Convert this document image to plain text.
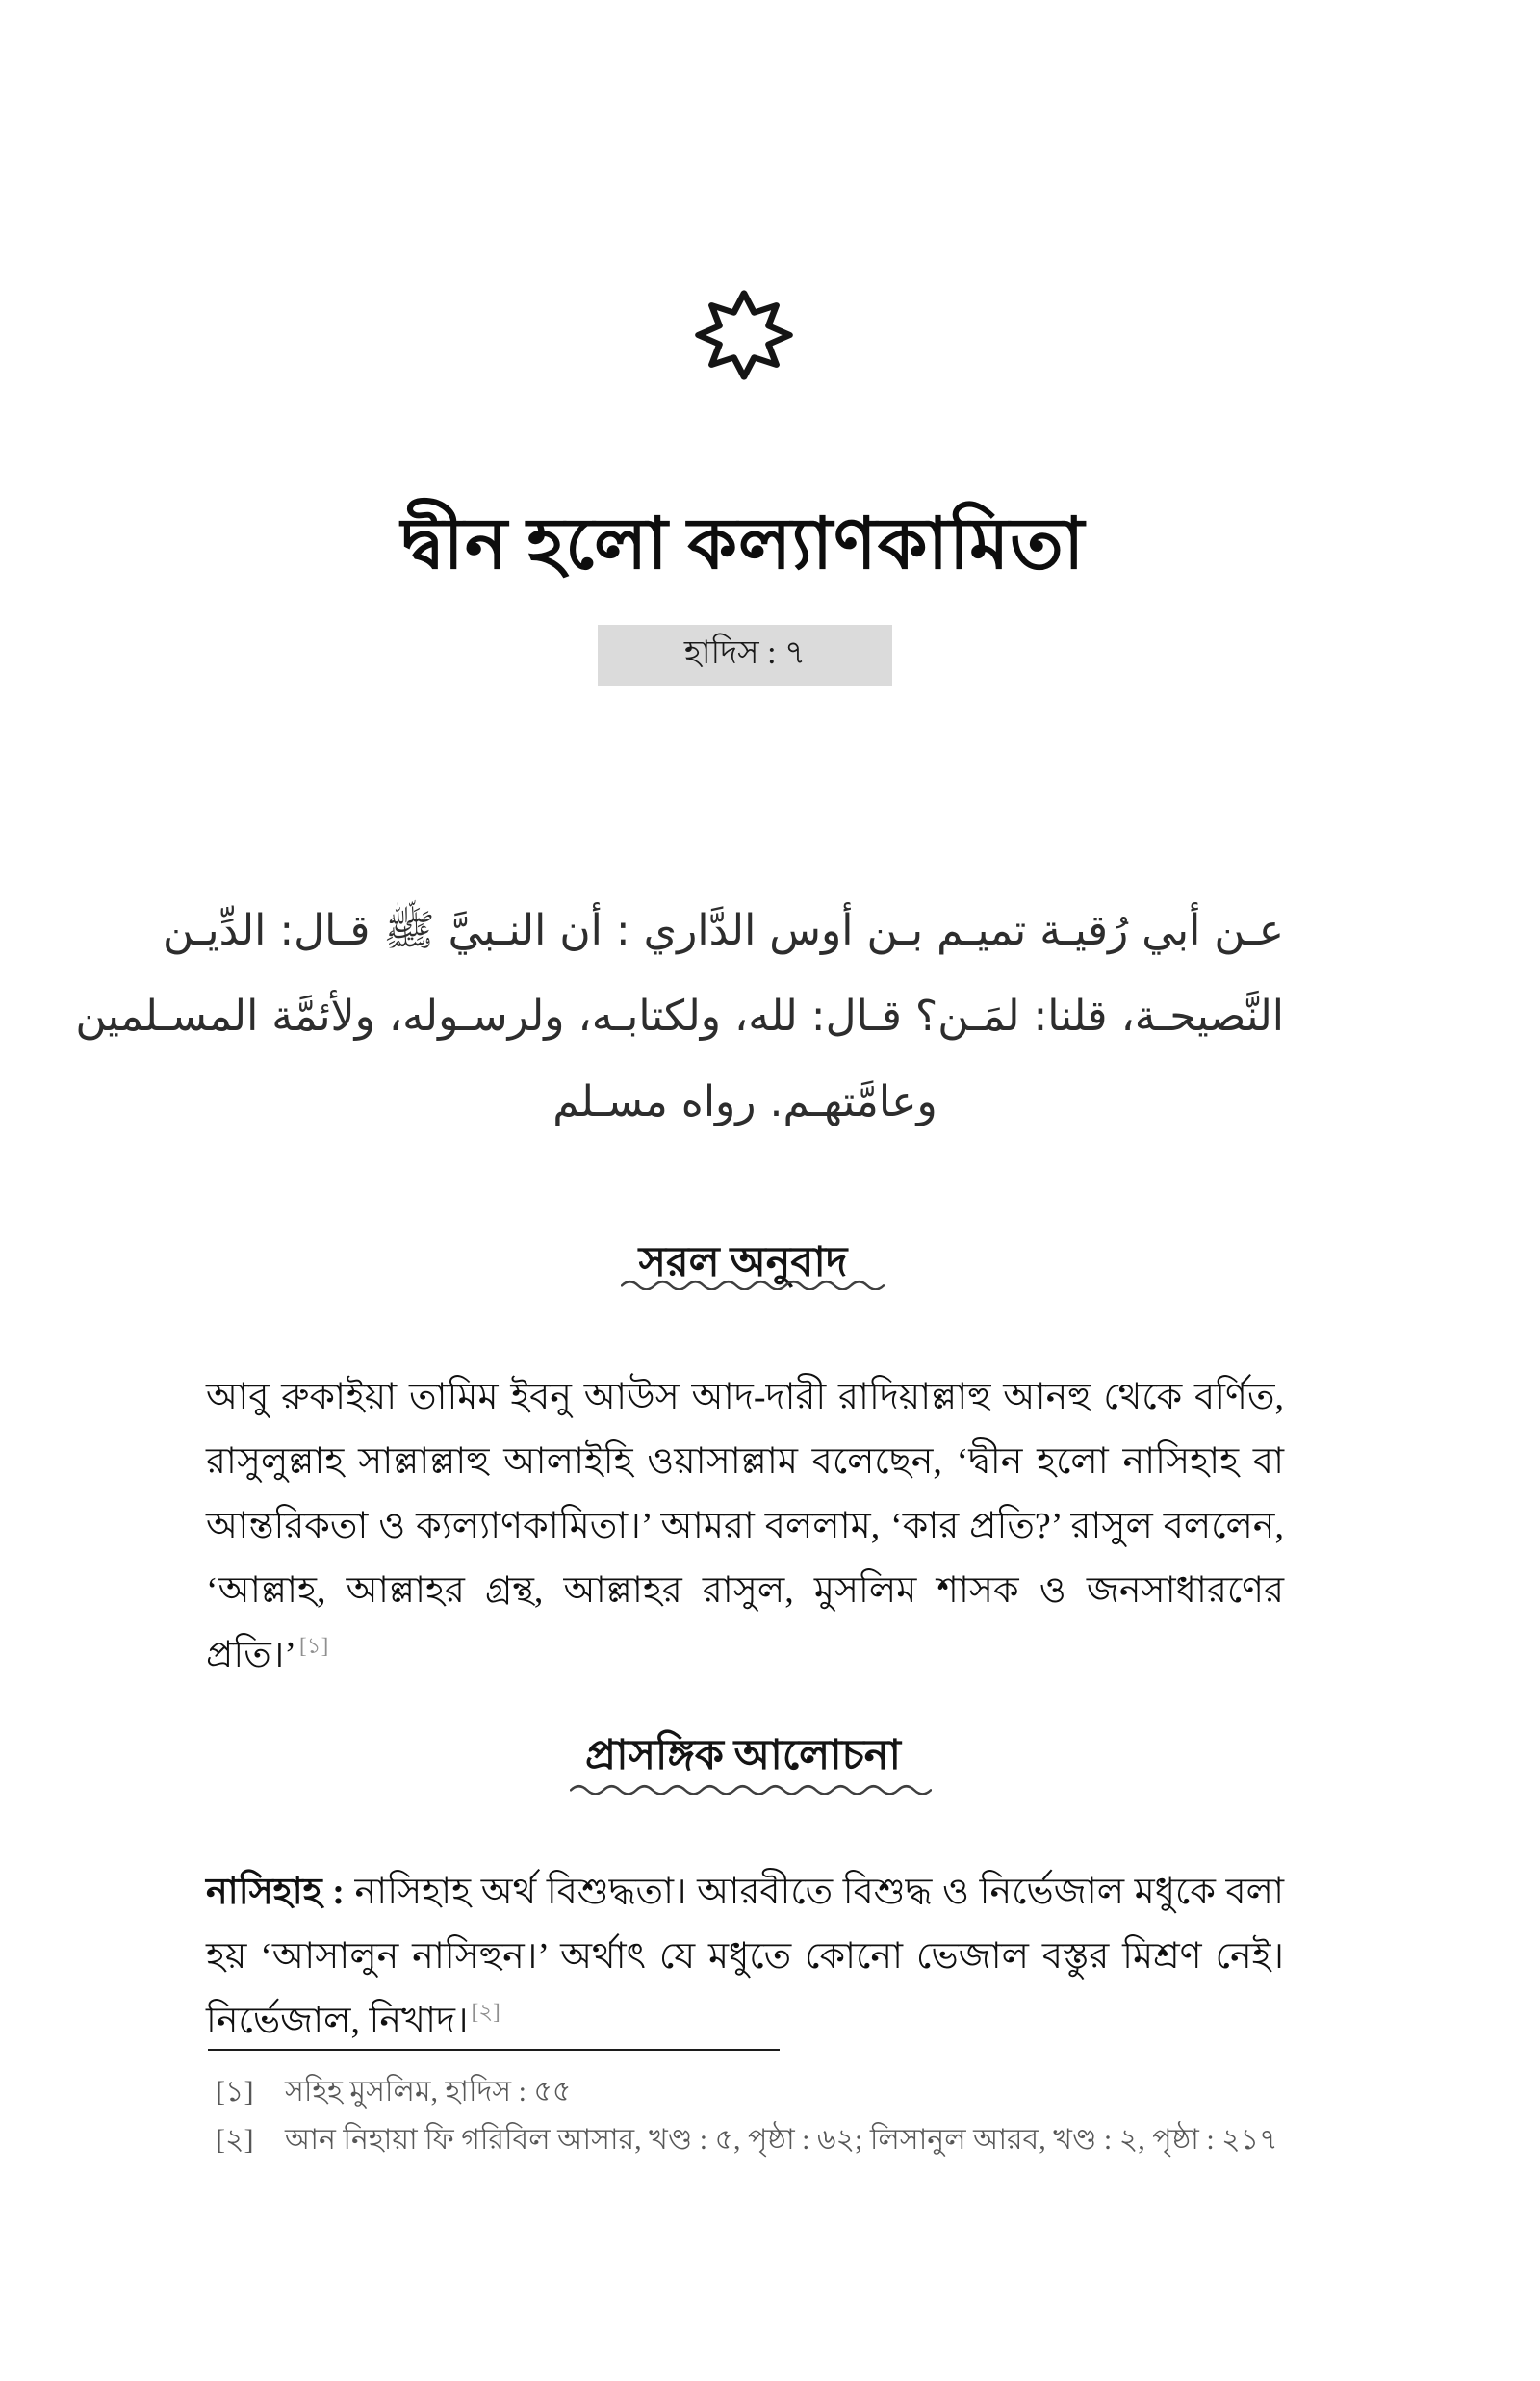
দ্বীন হলো কল্যাণকামিতা
হাদিস : ৭
عـن أبي رُقيـة تميـم بـن أوس الدَّاري : أن النـبيَّ ﷺ قـال: الدِّيـن
النَّصيحـة، قلنا: لمَـن؟ قـال: لله، ولكتابـه، ولرسـوله، ولأئمَّة المسـلمين
وعامَّتهـم. رواه مسـلم
সরল অনুবাদ

আবু রুকাইয়া তামিম ইবনু আউস আদ-দারী রাদিয়াল্লাহু আনহু থেকে বর্ণিত, রাসুলুল্লাহ সাল্লাল্লাহু আলাইহি ওয়াসাল্লাম বলেছেন, ‘দ্বীন হলো নাসিহাহ বা আন্তরিকতা ও ক্যল্যাণকামিতা।’ আমরা বললাম, ‘কার প্রতি?’ রাসুল বললেন, ‘আল্লাহ, আল্লাহর গ্রন্থ, আল্লাহর রাসুল, মুসলিম শাসক ও জনসাধারণের প্রতি।’ [১]

প্রাসঙ্গিক আলোচনা

নাসিহাহ : নাসিহাহ অর্থ বিশুদ্ধতা। আরবীতে বিশুদ্ধ ও নির্ভেজাল মধুকে বলা হয় ‘আসালুন নাসিহুন।’ অর্থাৎ যে মধুতে কোনো ভেজাল বস্তুর মিশ্রণ নেই। নির্ভেজাল, নিখাদ। [২]

[১]	সহিহ মুসলিম, হাদিস : ৫৫
[২]	আন নিহায়া ফি গরিবিল আসার, খণ্ড : ৫, পৃষ্ঠা : ৬২; লিসানুল আরব, খণ্ড : ২, পৃষ্ঠা : ২১৭
